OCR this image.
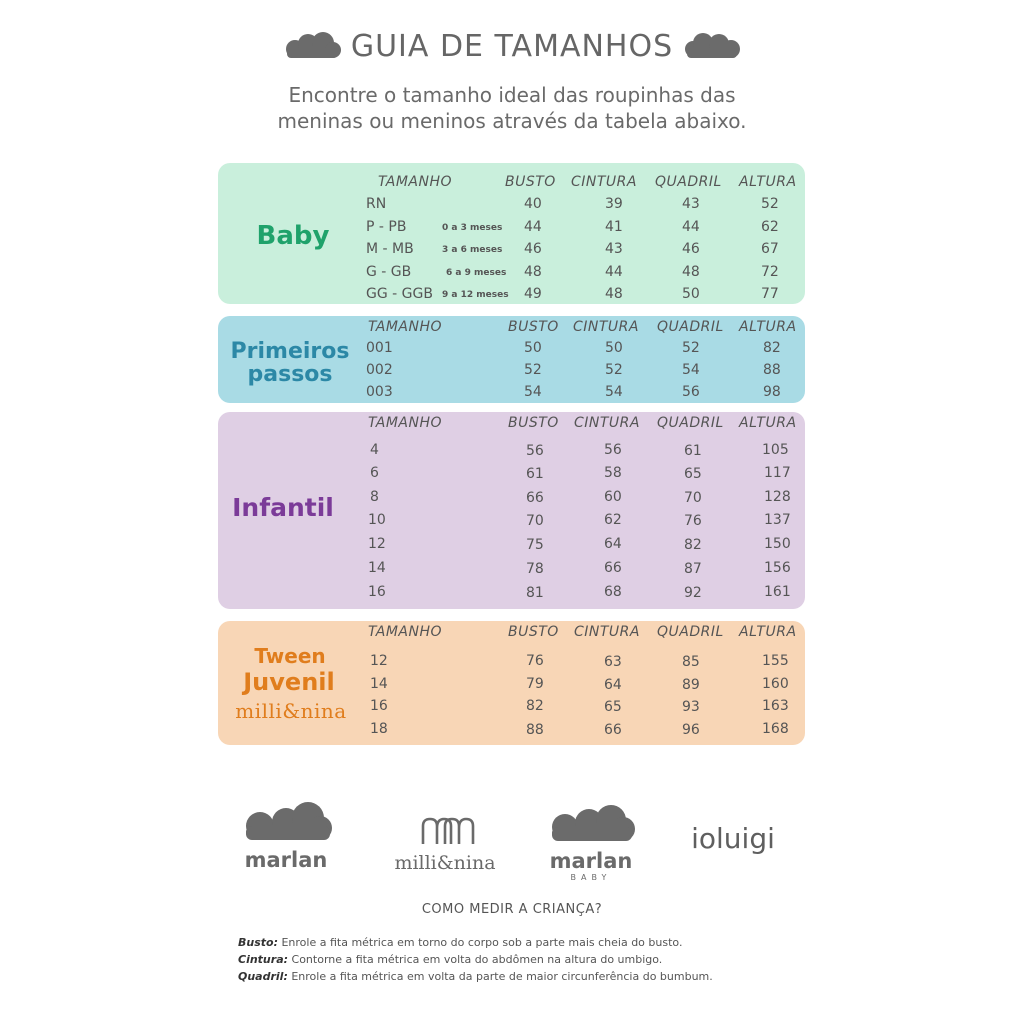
GUIA DE TAMANHOS
Encontre o tamanho ideal das roupinhas das
meninas ou meninos através da tabela abaixo.
Baby
TAMANHO	BUSTO CINTURA QUADRIL ALTURA
RN	40	39	43	52
P - PB	0 a 3 meses 44	41	44	62
M - MB	3 a 6 meses 46	43	46	67
G - GB	6 a 9 meses 48	44	48	72
GG - GGB 9 a 12 meses 49	48	50	77
Primeiros
passos
TAMANHO	BUSTO CINTURA QUADRIL ALTURA
001	50	50	52	82
002	52	52	54	88
003	54	54	56	98
Infantil
TAMANHO	BUSTO CINTURA QUADRIL ALTURA
4	56	56	61	105
6	61	58	65	117
8	66	60	70	128
10	70	62	76	137
12	75	64	82	150
14	78	66	87	156
16	81	68	92	161
Tween
Juvenil
milli&nina
TAMANHO	BUSTO CINTURA QUADRIL ALTURA
12	76	63	85	155
14	79	64	89	160
16	82	65	93	163
18	88	66	96	168
marlan	milli&nina	marlan
BABY
ioluigi
COMO MEDIR A CRIANÇA?
Busto: Enrole a fita métrica em torno do corpo sob a parte mais cheia do busto.
Cintura: Contorne a fita métrica em volta do abdômen na altura do umbigo.
Quadril: Enrole a fita métrica em volta da parte de maior circunferência do bumbum.
